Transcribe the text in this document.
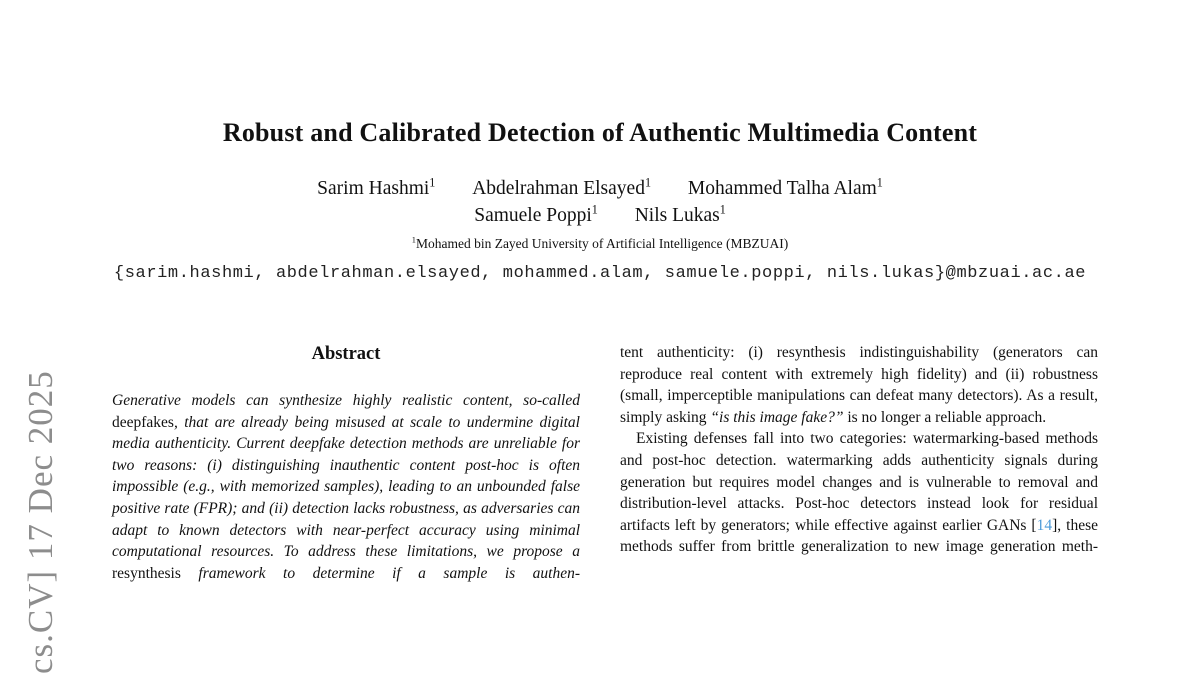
cs.CV] 17 Dec 2025
Robust and Calibrated Detection of Authentic Multimedia Content
Sarim Hashmi$^1$ Abdelrahman Elsayed$^1$ Mohammed Talha Alam$^1$
Samuele Poppi$^1$ Nils Lukas$^1$
$^1$Mohamed bin Zayed University of Artificial Intelligence (MBZUAI)
{sarim.hashmi, abdelrahman.elsayed, mohammed.alam, samuele.poppi, nils.lukas}@mbzuai.ac.ae
Abstract

Generative models can synthesize highly realistic content, so-called deepfakes, that are already being misused at scale to undermine digital media authenticity. Current deepfake detection methods are unreliable for two reasons: (i) distinguishing inauthentic content post-hoc is often impossible (e.g., with memorized samples), leading to an unbounded false positive rate (FPR); and (ii) detection lacks robustness, as adversaries can adapt to known detectors with near-perfect accuracy using minimal computational resources. To address these limitations, we propose a resynthesis framework to determine if a sample is authen-

tent authenticity: (i) resynthesis indistinguishability (generators can reproduce real content with extremely high fidelity) and (ii) robustness (small, imperceptible manipulations can defeat many detectors). As a result, simply asking “is this image fake?” is no longer a reliable approach.

Existing defenses fall into two categories: watermarking-based methods and post-hoc detection. watermarking adds authenticity signals during generation but requires model changes and is vulnerable to removal and distribution-level attacks. Post-hoc detectors instead look for residual artifacts left by generators; while effective against earlier GANs [14], these methods suffer from brittle generalization to new image generation meth-
